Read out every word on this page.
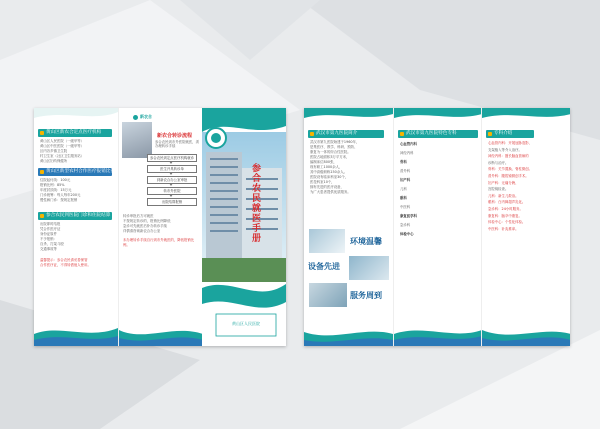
黄山区新农合定点医疗机构
黄山区人民医院（一级甲等）
黄山区中医医院（一级甲等）
区内各乡镇卫生院
村卫生室（社区卫生服务站）
黄山区妇幼保健所
黄山区新型农村合作医疗报销比例
住院起付线：100元
报销比例：85%
年度封顶线：15万元
门诊统筹：每人每年200元
慢性病门诊：按规定报销
参合农民到医院门诊和住院结算
出院即时结报
凭合作医疗证
身份证原件
不予报销：
自杀、打架斗殴
交通事故等
温馨提示：参合农民请妥善保管
合作医疗证，不得转借他人使用。
新农合
新农合转诊流程
参合农民到市外医院就医，须办理转诊手续
参合农民到定点医疗机构就诊
医生开具转诊单
到新农合办公室审批
转市外医院
出院结算报销
转诊审批后方可就医
不按规定转诊的，报销比例降低
急诊可先就医后补办转诊手续
详情请咨询新农合办公室
未办理转诊手续自行到市外就医的，降低报销比例。
参合农民就医手册
黄山区人民医院
武汉市第九医院简介
武汉市第九医院始建于1960年，
是集医疗、教学、科研、预防、
康复为一体的综合性医院。
医院占地面积3万平方米，
编制床位800张，
现有职工1000余人，
其中高级职称150余人。
医院设有临床科室30个，
医技科室10个，
拥有先进的医疗设备，
为广大患者提供优质服务。
环境温馨
设备先进
服务周到
武汉市第九医院特色专科
心血管内科
神经内科
骨科
普外科
妇产科
儿科
眼科
中医科
康复医学科
急诊科
体检中心
专科介绍
心血管内科：开展冠脉造影、
支架植入等介入治疗。
神经内科：擅长脑血管病的
诊断与治疗。
骨科：关节置换、脊柱微创。
普外科：腹腔镜微创手术。
妇产科：无痛分娩、
宫腔镜检查。
儿科：新生儿救治。
眼科：白内障超声乳化。
急诊科：24小时服务。
康复科：脑卒中康复。
体检中心：个性化体检。
中医科：针灸推拿。
